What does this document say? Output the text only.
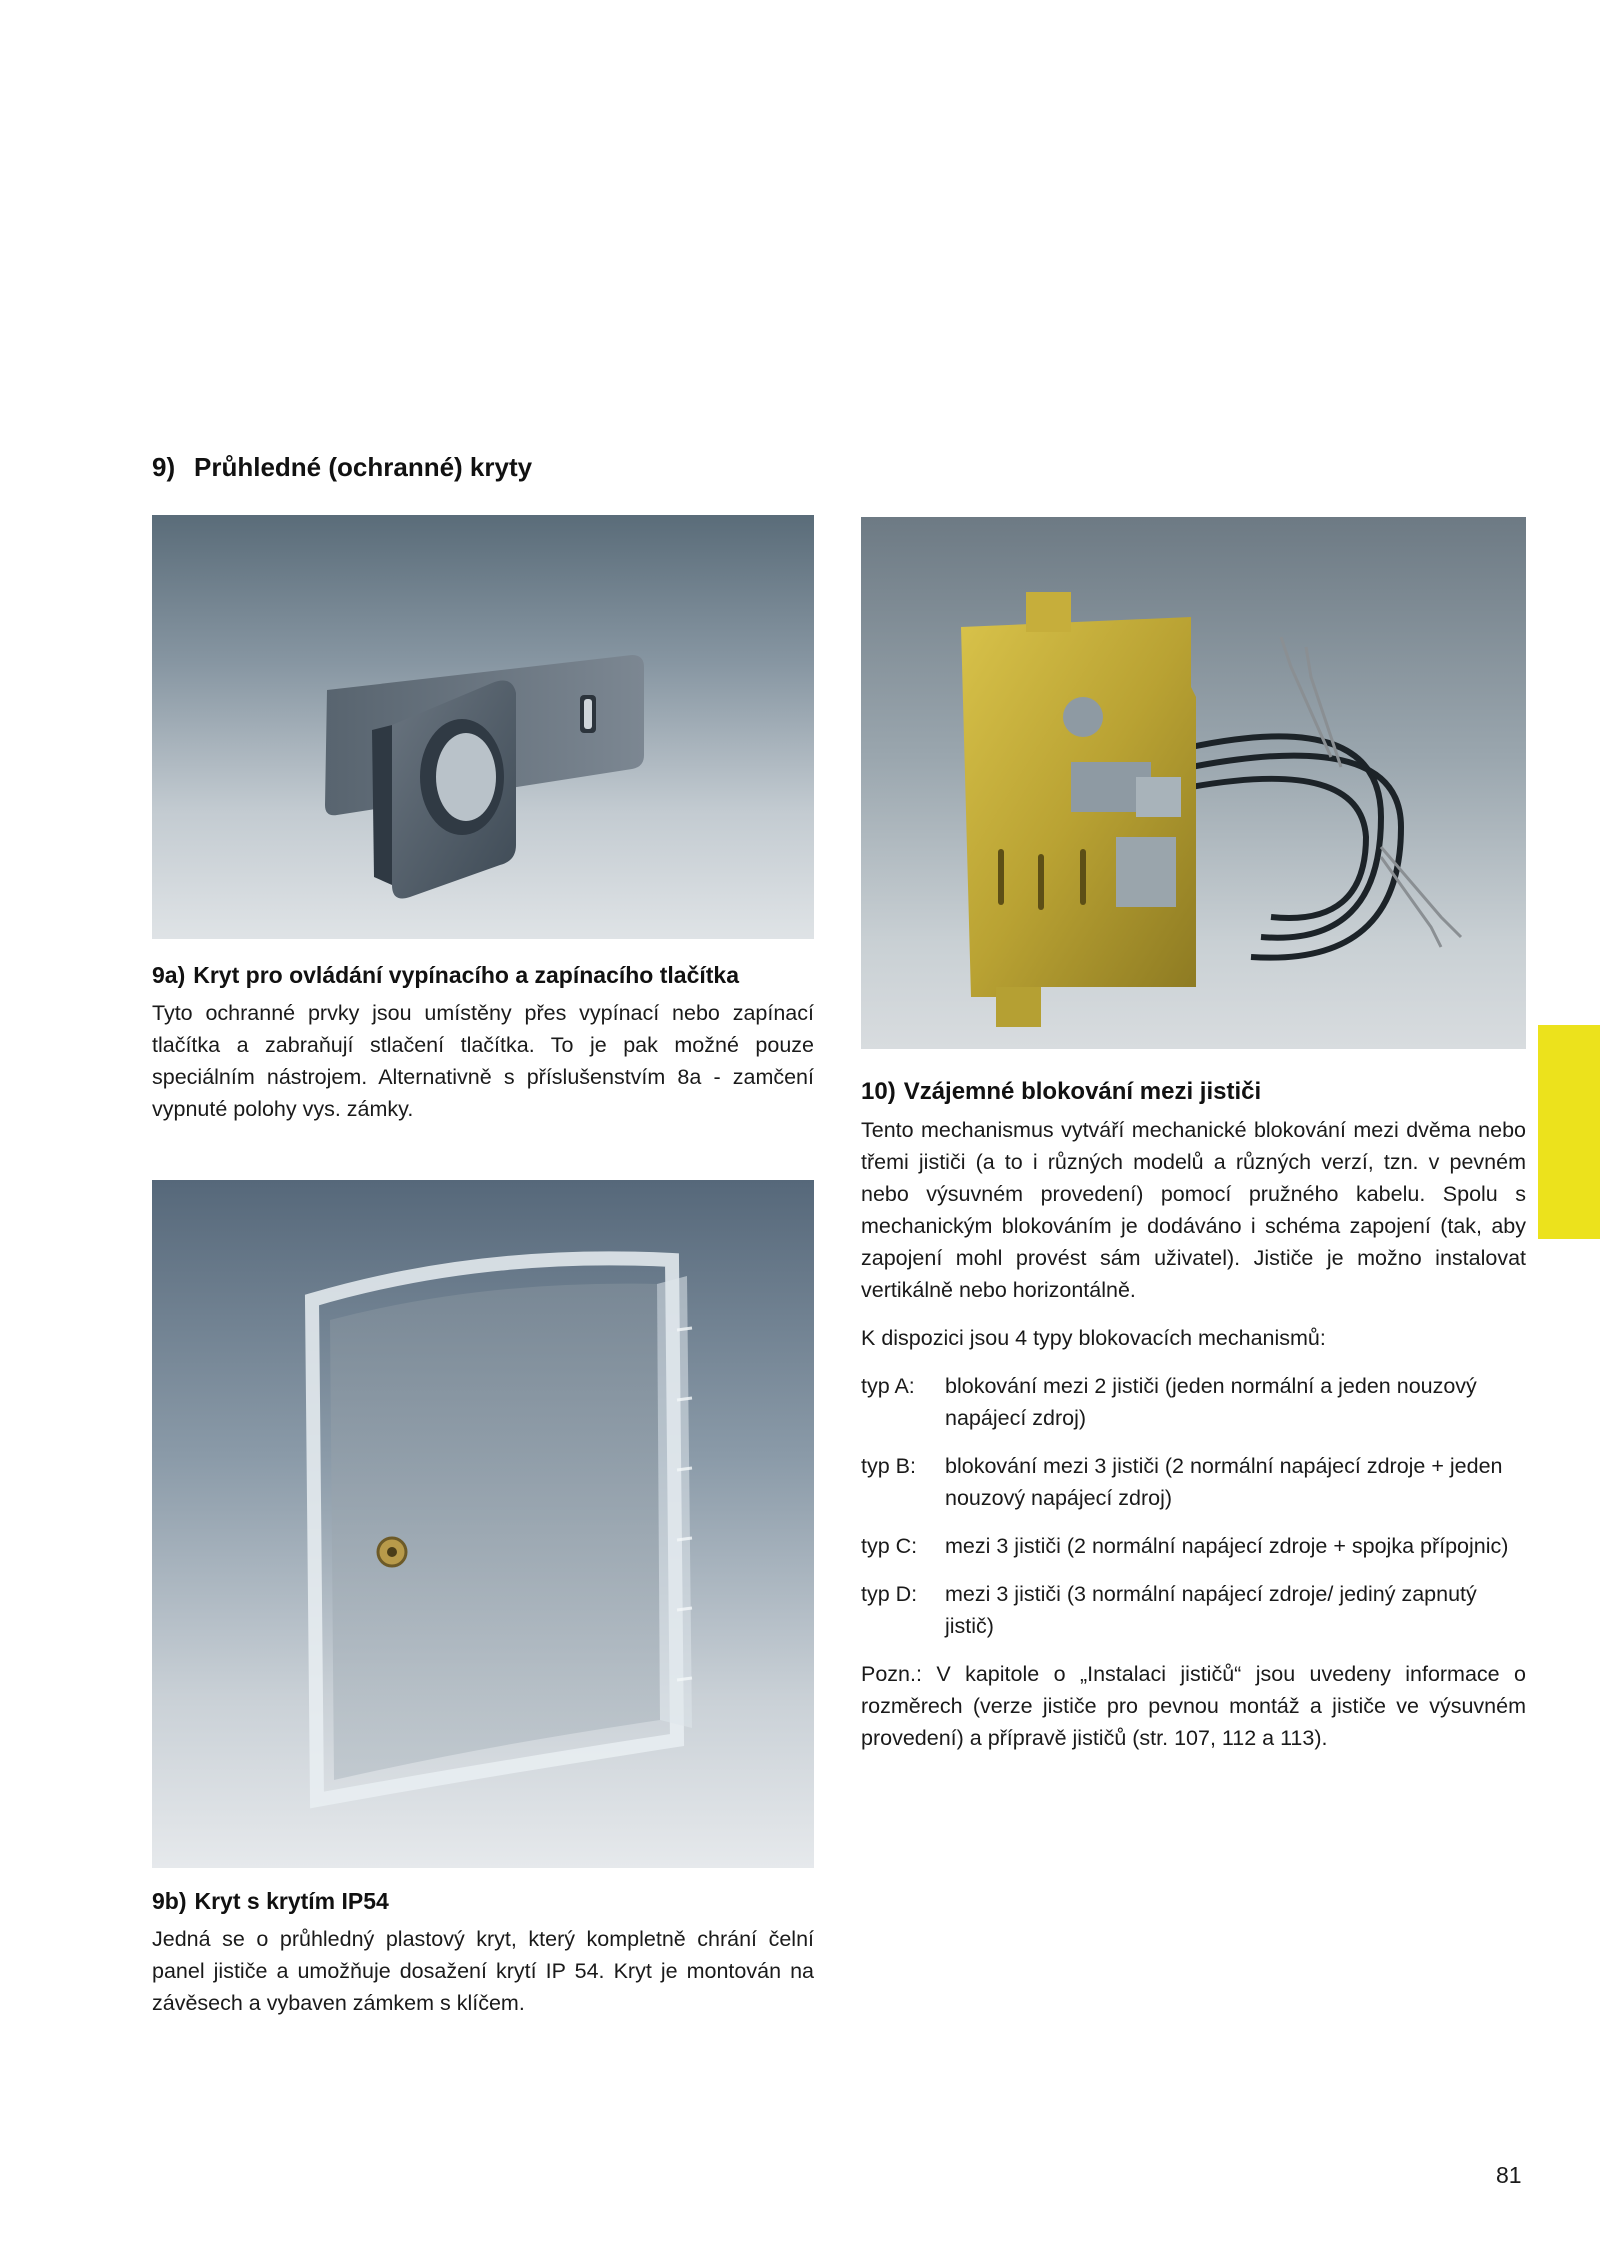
9) Průhledné (ochranné) kryty
9a) Kryt pro ovládání vypínacího a zapínacího tlačítka

Tyto ochranné prvky jsou umístěny přes vypínací nebo zapínací tlačítka a zabraňují stlačení tlačítka. To je pak možné pouze speciálním nástrojem. Alternativně s příslušenstvím 8a - zamčení vypnuté polohy vys. zámky.

9b) Kryt s krytím IP54

Jedná se o průhledný plastový kryt, který kompletně chrání čelní panel jističe a umožňuje dosažení krytí IP 54. Kryt je montován na závěsech a vybaven zámkem s klíčem.

10) Vzájemné blokování mezi jističi

Tento mechanismus vytváří mechanické blokování mezi dvěma nebo třemi jističi (a to i různých modelů a různých verzí, tzn. v pevném nebo výsuvném provedení) pomocí pružného kabelu. Spolu s mechanickým blokováním je dodáváno i schéma zapojení (tak, aby zapojení mohl provést sám uživatel). Jističe je možno instalovat vertikálně nebo horizontálně.

K dispozici jsou 4 typy blokovacích mechanismů:

typ A:	blokování mezi 2 jističi (jeden normální a jeden nouzový napájecí zdroj)
typ B:	blokování mezi 3 jističi (2 normální napájecí zdroje + jeden nouzový napájecí zdroj)
typ C:	mezi 3 jističi (2 normální napájecí zdroje + spojka přípojnic)
typ D:	mezi 3 jističi (3 normální napájecí zdroje/ jediný zapnutý jistič)

Pozn.: V kapitole o „Instalaci jističů“ jsou uvedeny informace o rozměrech (verze jističe pro pevnou montáž a jističe ve výsuvném provedení) a přípravě jističů (str. 107, 112 a 113).

81
